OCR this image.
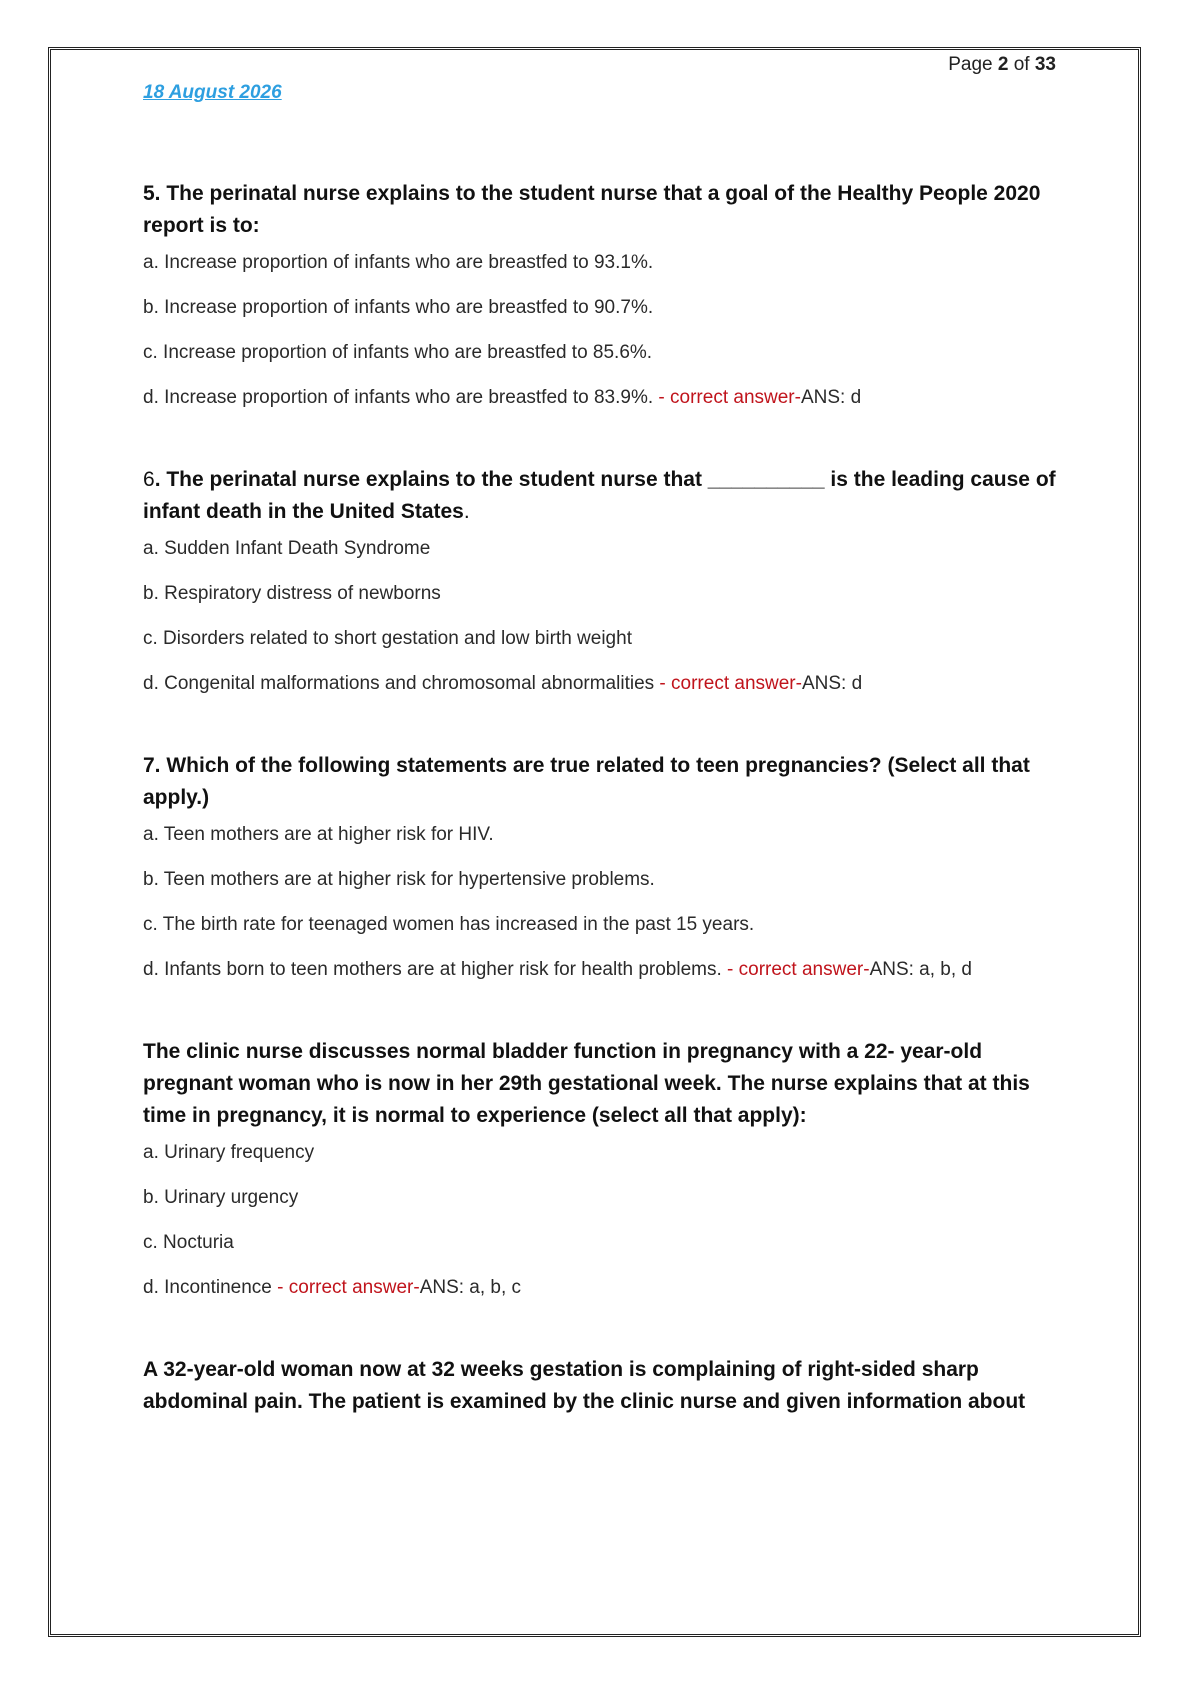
Page 2 of 33
18 August 2026

5. The perinatal nurse explains to the student nurse that a goal of the Healthy People 2020 report is to:

a. Increase proportion of infants who are breastfed to 93.1%.

b. Increase proportion of infants who are breastfed to 90.7%.

c. Increase proportion of infants who are breastfed to 85.6%.

d. Increase proportion of infants who are breastfed to 83.9%. - correct answer-ANS: d

6. The perinatal nurse explains to the student nurse that __________ is the leading cause of infant death in the United States.

a. Sudden Infant Death Syndrome

b. Respiratory distress of newborns

c. Disorders related to short gestation and low birth weight

d. Congenital malformations and chromosomal abnormalities - correct answer-ANS: d

7. Which of the following statements are true related to teen pregnancies? (Select all that apply.)

a. Teen mothers are at higher risk for HIV.

b. Teen mothers are at higher risk for hypertensive problems.

c. The birth rate for teenaged women has increased in the past 15 years.

d. Infants born to teen mothers are at higher risk for health problems. - correct answer-ANS: a, b, d

The clinic nurse discusses normal bladder function in pregnancy with a 22- year-old pregnant woman who is now in her 29th gestational week. The nurse explains that at this time in pregnancy, it is normal to experience (select all that apply):

a. Urinary frequency

b. Urinary urgency

c. Nocturia

d. Incontinence - correct answer-ANS: a, b, c

A 32-year-old woman now at 32 weeks gestation is complaining of right-sided sharp abdominal pain. The patient is examined by the clinic nurse and given information about
